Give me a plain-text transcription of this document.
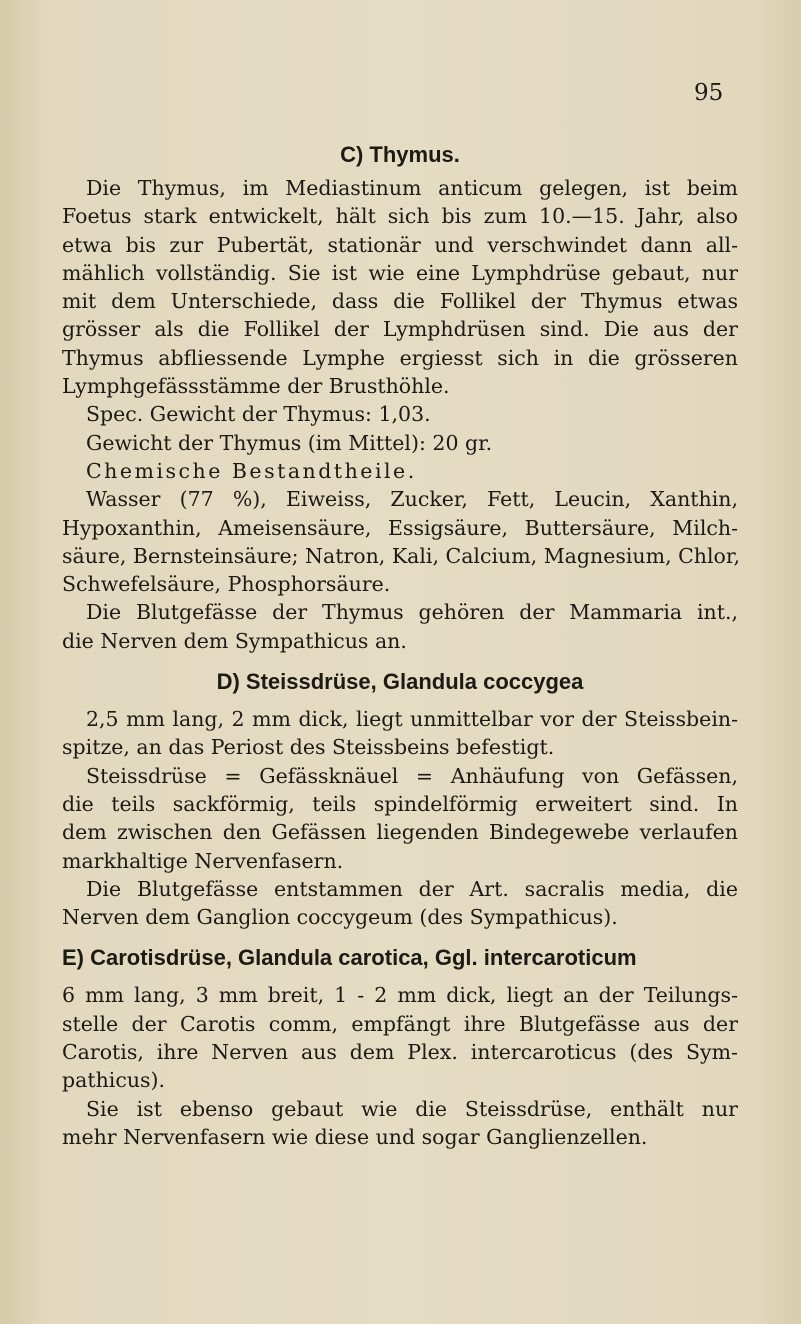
95
C) Thymus.
Die Thymus, im Mediastinum anticum gelegen, ist beim
Foetus stark entwickelt, hält sich bis zum 10.—15. Jahr, also
etwa bis zur Pubertät, stationär und verschwindet dann all-
mählich vollständig. Sie ist wie eine Lymphdrüse gebaut, nur
mit dem Unterschiede, dass die Follikel der Thymus etwas
grösser als die Follikel der Lymphdrüsen sind. Die aus der
Thymus abfliessende Lymphe ergiesst sich in die grösseren
Lymphgefässstämme der Brusthöhle.
Spec. Gewicht der Thymus: 1,03.
Gewicht der Thymus (im Mittel): 20 gr.
Chemische Bestandtheile.
Wasser (77 %), Eiweiss, Zucker, Fett, Leucin, Xanthin,
Hypoxanthin, Ameisensäure, Essigsäure, Buttersäure, Milch-
säure, Bernsteinsäure; Natron, Kali, Calcium, Magnesium, Chlor,
Schwefelsäure, Phosphorsäure.
Die Blutgefässe der Thymus gehören der Mammaria int.,
die Nerven dem Sympathicus an.
D) Steissdrüse, Glandula coccygea
2,5 mm lang, 2 mm dick, liegt unmittelbar vor der Steissbein-
spitze, an das Periost des Steissbeins befestigt.
Steissdrüse = Gefässknäuel = Anhäufung von Gefässen,
die teils sackförmig, teils spindelförmig erweitert sind. In
dem zwischen den Gefässen liegenden Bindegewebe verlaufen
markhaltige Nervenfasern.
Die Blutgefässe entstammen der Art. sacralis media, die
Nerven dem Ganglion coccygeum (des Sympathicus).
E) Carotisdrüse, Glandula carotica, Ggl. intercaroticum
6 mm lang, 3 mm breit, 1 - 2 mm dick, liegt an der Teilungs-
stelle der Carotis comm, empfängt ihre Blutgefässe aus der
Carotis, ihre Nerven aus dem Plex. intercaroticus (des Sym-
pathicus).
Sie ist ebenso gebaut wie die Steissdrüse, enthält nur
mehr Nervenfasern wie diese und sogar Ganglienzellen.
